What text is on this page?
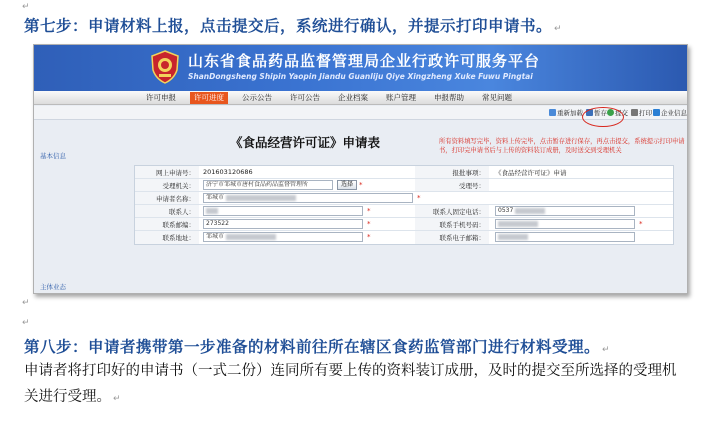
↵
第七步：申请材料上报，点击提交后，系统进行确认，并提示打印申请书。 ↵
山东省食品药品监督管理局企业行政许可服务平台
ShanDongsheng Shipin Yaopin Jiandu Guanliju Qiye Xingzheng Xuke Fuwu Pingtai
许可申报	许可进度	公示公告	许可公告	企业档案	账户管理	申报帮助	常见问题
重新加载	暂存	提交	打印	企业信息
基本信息
《食品经营许可证》申请表	所有资料填写完毕，资料上传完毕，点击暂存进行保存，再点击提交，系统提示打印申请书，打印完申请书后与上传的资料装订成册，及时送交到受理机关
网上申请号： 201603120686	报批事项： 《食品经营许可证》申请
受理机关：	济宁市邹城市唐村食品药品监督管理所	选择 *	受理号：
申请者名称：	邹城市	*
联系人：	*	联系人固定电话：	0537
联系邮编：	273522	*	联系手机号码：	*
联系地址：	邹城市	*	联系电子邮箱：
主体业态
↵
↵
第八步：申请者携带第一步准备的材料前往所在辖区食药监管部门进行材料受理。 ↵
申请者将打印好的申请书（一式二份）连同所有要上传的资料装订成册，及时的提交至所选择的受理机关进行受理。 ↵
